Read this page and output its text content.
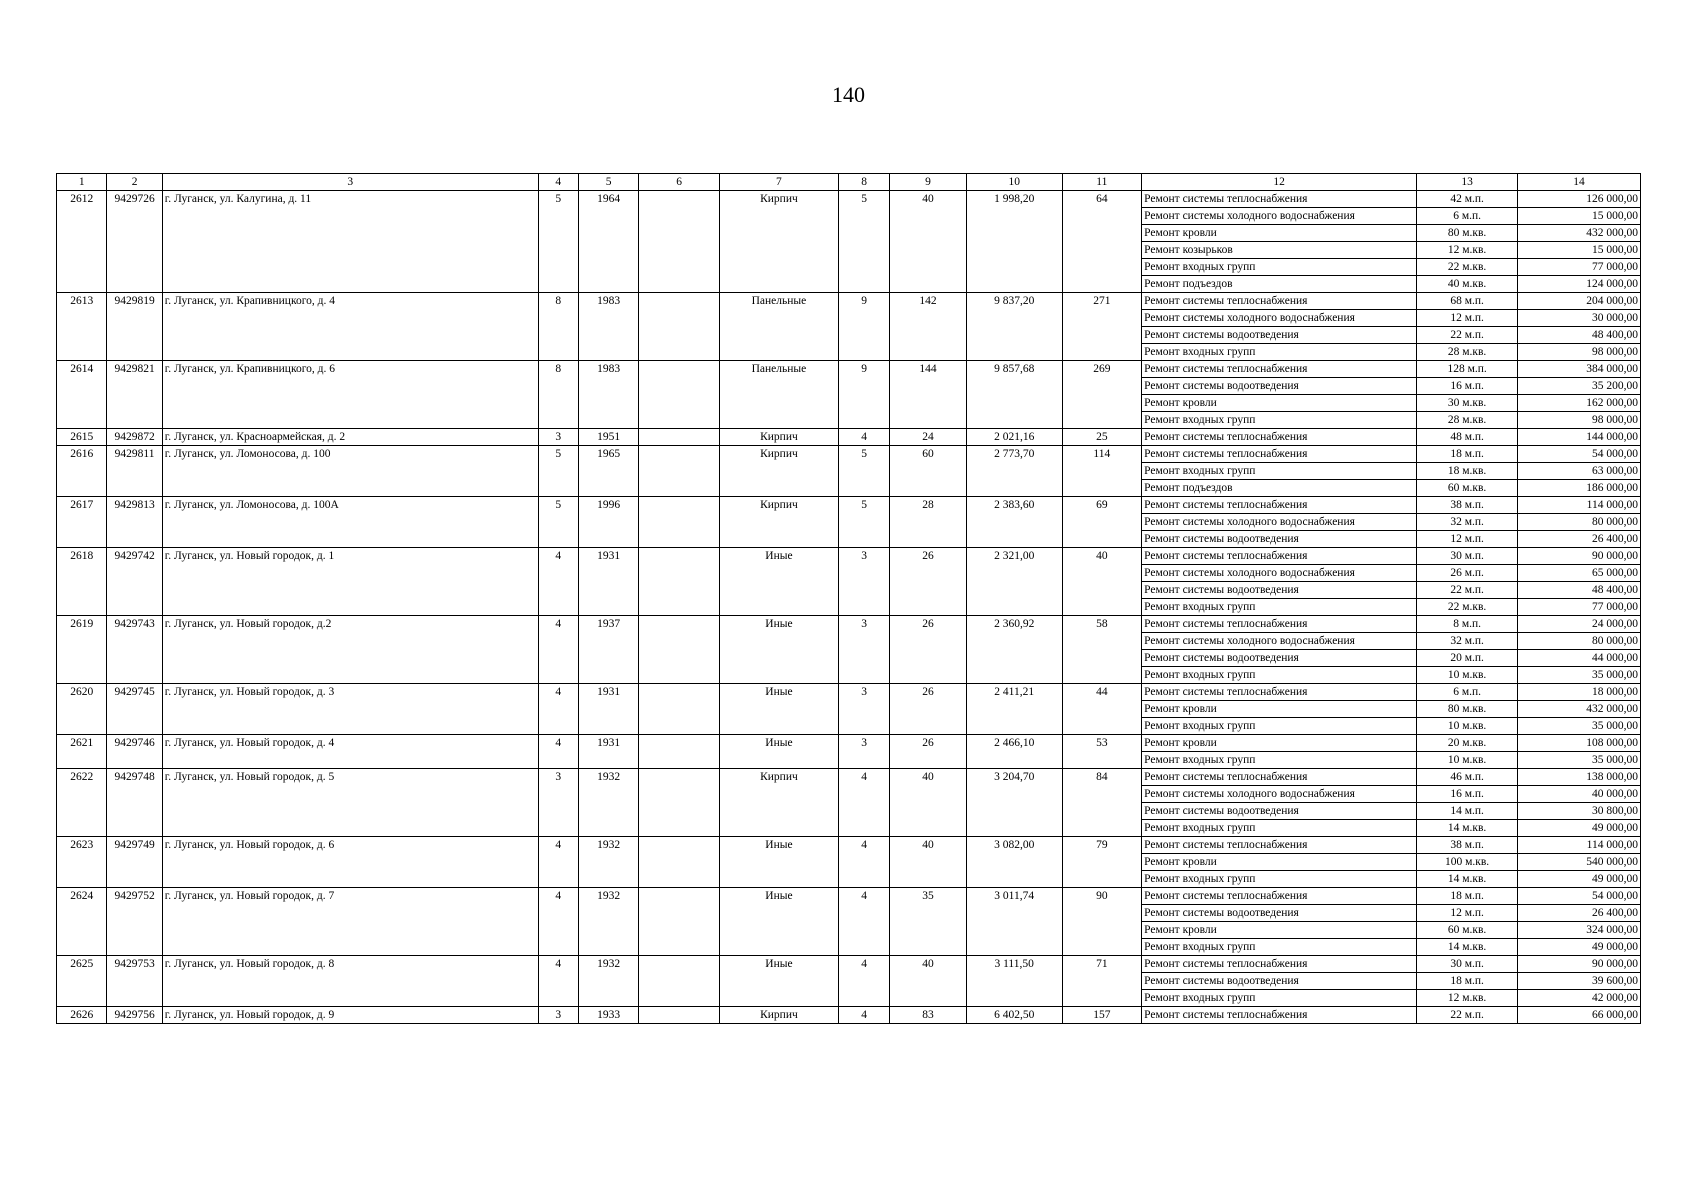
140
1	2	3	4	5	6	7	8	9	10	11	12	13	14
2612	9429726	г. Луганск, ул. Калугина, д. 11	5	1964		Кирпич	5	40	1 998,20	64	Ремонт системы теплоснабжения	42 м.п.	126 000,00
											Ремонт системы холодного водоснабжения	6 м.п.	15 000,00
											Ремонт кровли	80 м.кв.	432 000,00
											Ремонт козырьков	12 м.кв.	15 000,00
											Ремонт входных групп	22 м.кв.	77 000,00
											Ремонт подъездов	40 м.кв.	124 000,00
2613	9429819	г. Луганск, ул. Крапивницкого, д. 4	8	1983		Панельные	9	142	9 837,20	271	Ремонт системы теплоснабжения	68 м.п.	204 000,00
											Ремонт системы холодного водоснабжения	12 м.п.	30 000,00
											Ремонт системы водоотведения	22 м.п.	48 400,00
											Ремонт входных групп	28 м.кв.	98 000,00
2614	9429821	г. Луганск, ул. Крапивницкого, д. 6	8	1983		Панельные	9	144	9 857,68	269	Ремонт системы теплоснабжения	128 м.п.	384 000,00
											Ремонт системы водоотведения	16 м.п.	35 200,00
											Ремонт кровли	30 м.кв.	162 000,00
											Ремонт входных групп	28 м.кв.	98 000,00
2615	9429872	г. Луганск, ул. Красноармейская, д. 2	3	1951		Кирпич	4	24	2 021,16	25	Ремонт системы теплоснабжения	48 м.п.	144 000,00
2616	9429811	г. Луганск, ул. Ломоносова, д. 100	5	1965		Кирпич	5	60	2 773,70	114	Ремонт системы теплоснабжения	18 м.п.	54 000,00
											Ремонт входных групп	18 м.кв.	63 000,00
											Ремонт подъездов	60 м.кв.	186 000,00
2617	9429813	г. Луганск, ул. Ломоносова, д. 100А	5	1996		Кирпич	5	28	2 383,60	69	Ремонт системы теплоснабжения	38 м.п.	114 000,00
											Ремонт системы холодного водоснабжения	32 м.п.	80 000,00
											Ремонт системы водоотведения	12 м.п.	26 400,00
2618	9429742	г. Луганск, ул. Новый городок, д. 1	4	1931		Иные	3	26	2 321,00	40	Ремонт системы теплоснабжения	30 м.п.	90 000,00
											Ремонт системы холодного водоснабжения	26 м.п.	65 000,00
											Ремонт системы водоотведения	22 м.п.	48 400,00
											Ремонт входных групп	22 м.кв.	77 000,00
2619	9429743	г. Луганск, ул. Новый городок, д.2	4	1937		Иные	3	26	2 360,92	58	Ремонт системы теплоснабжения	8 м.п.	24 000,00
											Ремонт системы холодного водоснабжения	32 м.п.	80 000,00
											Ремонт системы водоотведения	20 м.п.	44 000,00
											Ремонт входных групп	10 м.кв.	35 000,00
2620	9429745	г. Луганск, ул. Новый городок, д. 3	4	1931		Иные	3	26	2 411,21	44	Ремонт системы теплоснабжения	6 м.п.	18 000,00
											Ремонт кровли	80 м.кв.	432 000,00
											Ремонт входных групп	10 м.кв.	35 000,00
2621	9429746	г. Луганск, ул. Новый городок, д. 4	4	1931		Иные	3	26	2 466,10	53	Ремонт кровли	20 м.кв.	108 000,00
											Ремонт входных групп	10 м.кв.	35 000,00
2622	9429748	г. Луганск, ул. Новый городок, д. 5	3	1932		Кирпич	4	40	3 204,70	84	Ремонт системы теплоснабжения	46 м.п.	138 000,00
											Ремонт системы холодного водоснабжения	16 м.п.	40 000,00
											Ремонт системы водоотведения	14 м.п.	30 800,00
											Ремонт входных групп	14 м.кв.	49 000,00
2623	9429749	г. Луганск, ул. Новый городок, д. 6	4	1932		Иные	4	40	3 082,00	79	Ремонт системы теплоснабжения	38 м.п.	114 000,00
											Ремонт кровли	100 м.кв.	540 000,00
											Ремонт входных групп	14 м.кв.	49 000,00
2624	9429752	г. Луганск, ул. Новый городок, д. 7	4	1932		Иные	4	35	3 011,74	90	Ремонт системы теплоснабжения	18 м.п.	54 000,00
											Ремонт системы водоотведения	12 м.п.	26 400,00
											Ремонт кровли	60 м.кв.	324 000,00
											Ремонт входных групп	14 м.кв.	49 000,00
2625	9429753	г. Луганск, ул. Новый городок, д. 8	4	1932		Иные	4	40	3 111,50	71	Ремонт системы теплоснабжения	30 м.п.	90 000,00
											Ремонт системы водоотведения	18 м.п.	39 600,00
											Ремонт входных групп	12 м.кв.	42 000,00
2626	9429756	г. Луганск, ул. Новый городок, д. 9	3	1933		Кирпич	4	83	6 402,50	157	Ремонт системы теплоснабжения	22 м.п.	66 000,00
